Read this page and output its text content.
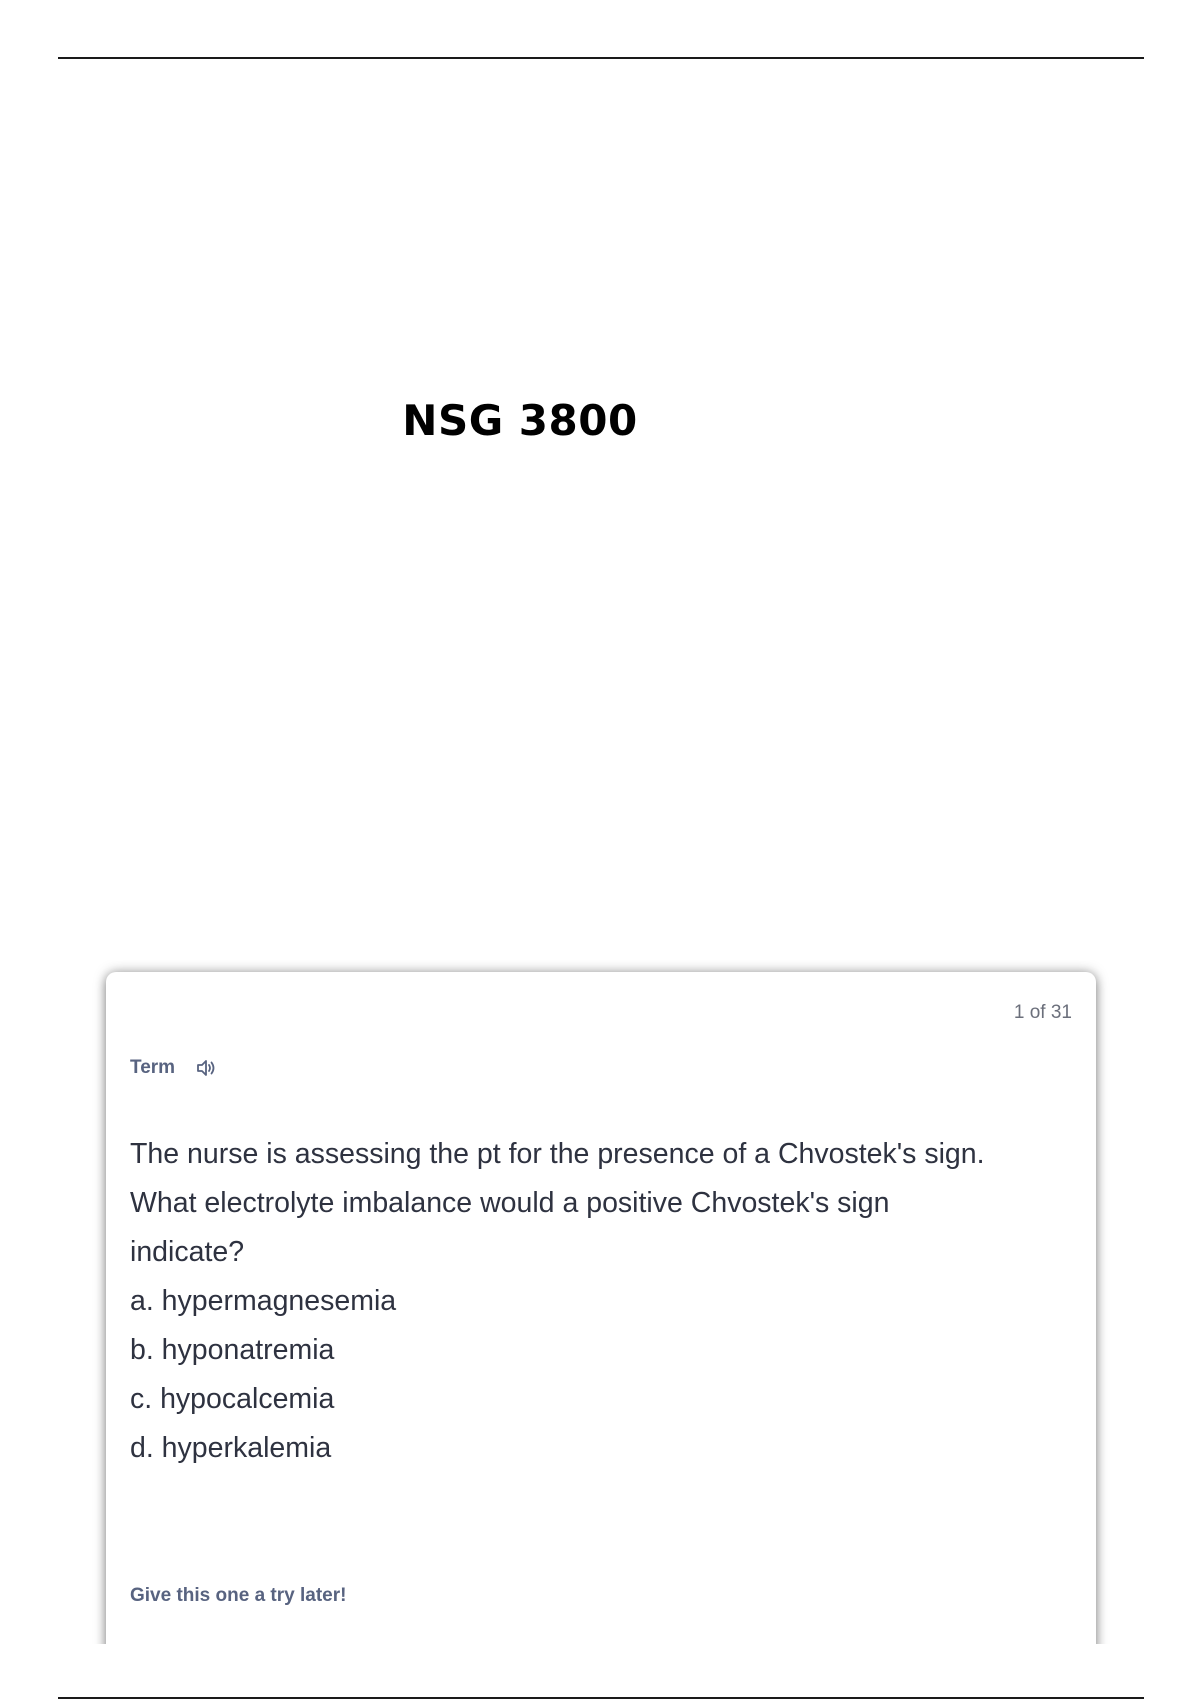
NSG 3800
1 of 31
Term
The nurse is assessing the pt for the presence of a Chvostek's sign.
What electrolyte imbalance would a positive Chvostek's sign
indicate?
a. hypermagnesemia
b. hyponatremia
c. hypocalcemia
d. hyperkalemia
Give this one a try later!
